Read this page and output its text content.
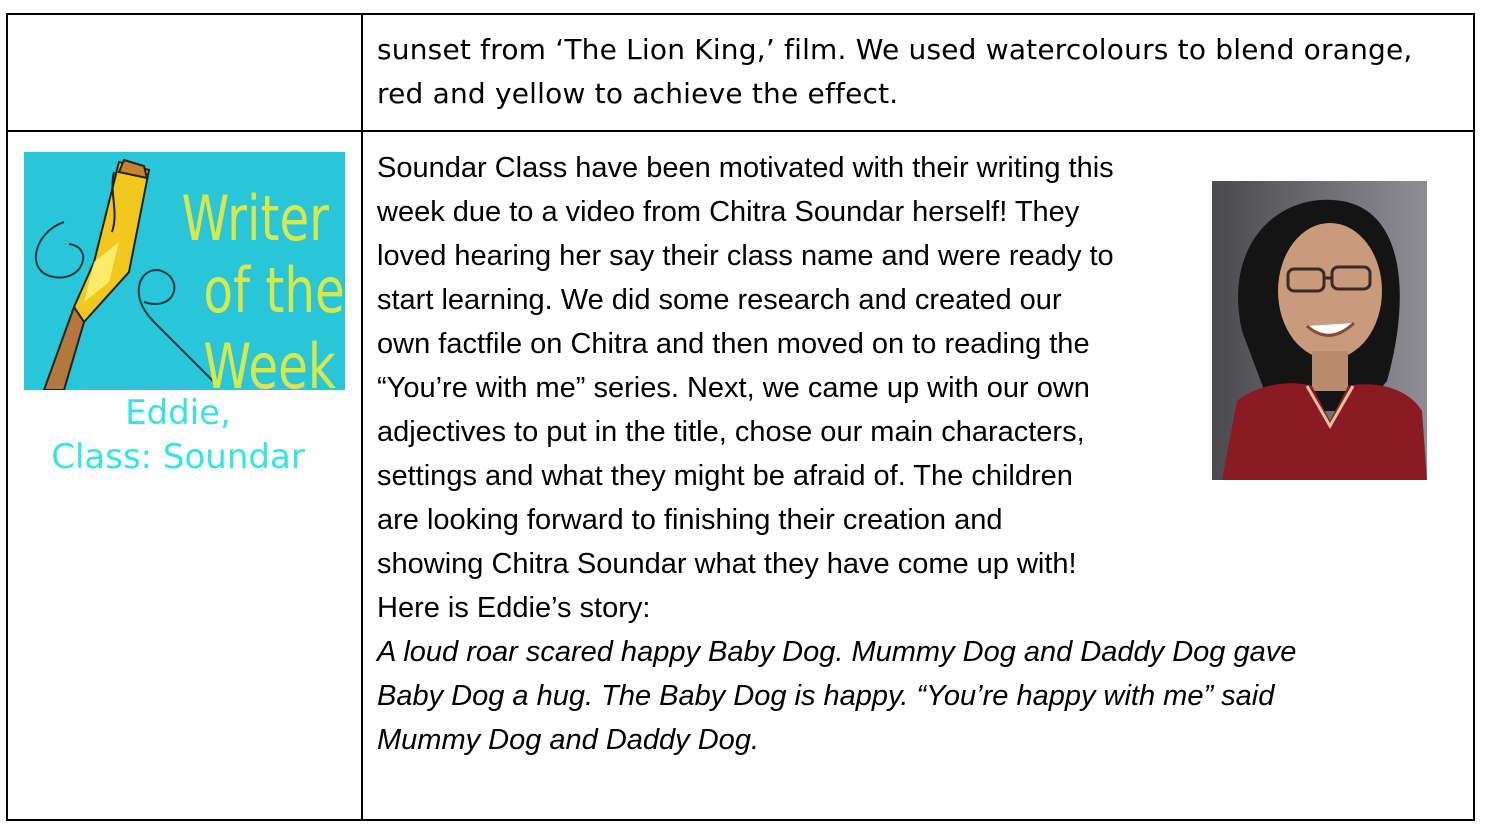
sunset from ‘The Lion King,’ film. We used watercolours to blend orange,
red and yellow to achieve the effect.
Writer
of the
Week
Eddie,
Class: Soundar
Soundar Class have been motivated with their writing this
week due to a video from Chitra Soundar herself! They
loved hearing her say their class name and were ready to
start learning. We did some research and created our
own factfile on Chitra and then moved on to reading the
“You’re with me” series. Next, we came up with our own
adjectives to put in the title, chose our main characters,
settings and what they might be afraid of. The children
are looking forward to finishing their creation and
showing Chitra Soundar what they have come up with!
Here is Eddie’s story:
A loud roar scared happy Baby Dog. Mummy Dog and Daddy Dog gave
Baby Dog a hug. The Baby Dog is happy. “You’re happy with me” said
Mummy Dog and Daddy Dog.
